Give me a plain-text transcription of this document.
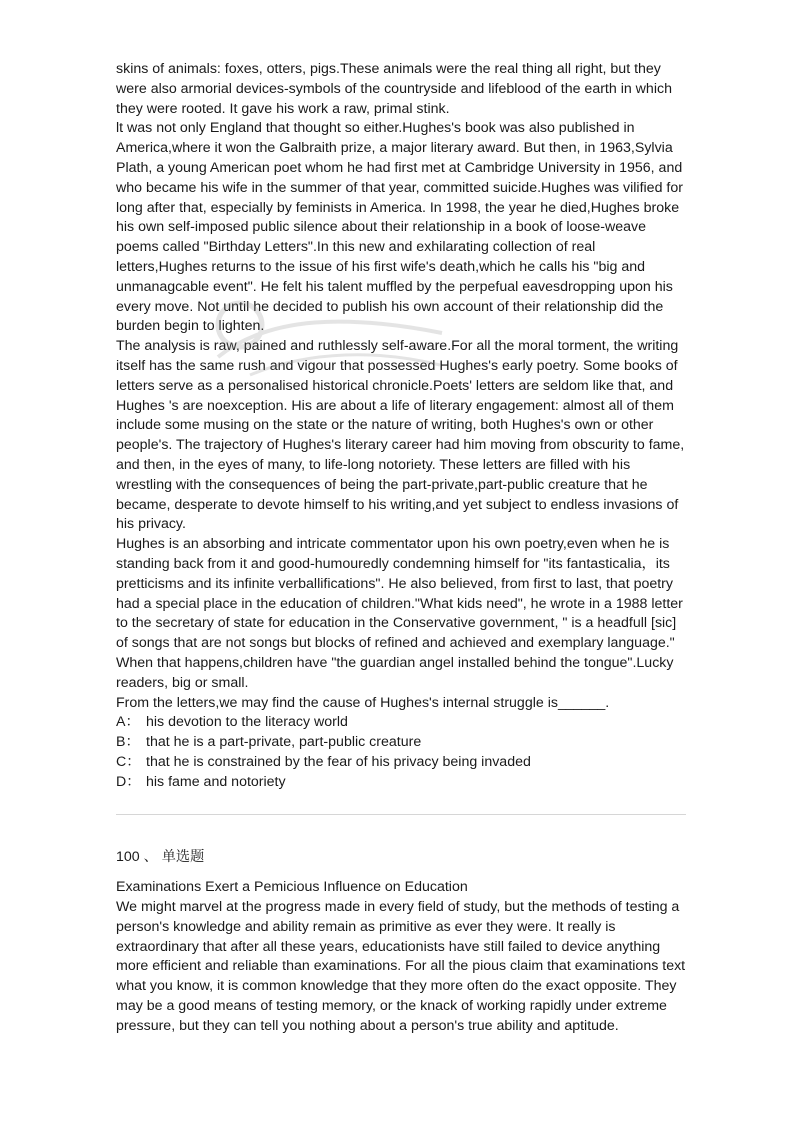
skins of animals: foxes, otters, pigs.These animals were the real thing all right, but they were also armorial devices-symbols of the countryside and lifeblood of the earth in which they were rooted. It gave his work a raw, primal stink.

lt was not only England that thought so either.Hughes's book was also published in America,where it won the Galbraith prize, a major literary award. But then, in 1963,Sylvia Plath, a young American poet whom he had first met at Cambridge University in 1956, and who became his wife in the summer of that year, committed suicide.Hughes was vilified for long after that, especially by feminists in America. In 1998, the year he died,Hughes broke his own self-imposed public silence about their relationship in a book of loose-weave poems called "Birthday Letters".In this new and exhilarating collection of real letters,Hughes returns to the issue of his first wife's death,which he calls his "big and unmanagcable event". He felt his talent muffled by the perpefual eavesdropping upon his every move. Not until he decided to publish his own account of their relationship did the burden begin to lighten.

The analysis is raw, pained and ruthlessly self-aware.For all the moral torment, the writing itself has the same rush and vigour that possessed Hughes's early poetry. Some books of letters serve as a personalised historical chronicle.Poets' letters are seldom like that, and Hughes 's are noexception. His are about a life of literary engagement: almost all of them include some musing on the state or the nature of writing, both Hughes's own or other people's. The trajectory of Hughes's literary career had him moving from obscurity to fame, and then, in the eyes of many, to life-long notoriety. These letters are filled with his wrestling with the consequences of being the part-private,part-public creature that he became, desperate to devote himself to his writing,and yet subject to endless invasions of his privacy.

Hughes is an absorbing and intricate commentator upon his own poetry,even when he is standing back from it and good-humouredly condemning himself for "its fantasticalia，its pretticisms and its infinite verballifications". He also believed, from first to last, that poetry had a special place in the education of children."What kids need", he wrote in a 1988 letter to the secretary of state for education in the Conservative government, " is a headfull [sic] of songs that are not songs but blocks of refined and achieved and exemplary language." When that happens,children have "the guardian angel installed behind the tongue".Lucky readers, big or small.

From the letters,we may find the cause of Hughes's internal struggle is______.

A： his devotion to the literacy world
B： that he is a part-private, part-public creature
C： that he is constrained by the fear of his privacy being invaded
D： his fame and notoriety

100 、 单选题

Examinations Exert a Pemicious Influence on Education

We might marvel at the progress made in every field of study, but the methods of testing a person's knowledge and ability remain as primitive as ever they were. It really is extraordinary that after all these years, educationists have still failed to device anything more efficient and reliable than examinations. For all the pious claim that examinations text what you know, it is common knowledge that they more often do the exact opposite. They may be a good means of testing memory, or the knack of working rapidly under extreme pressure, but they can tell you nothing about a person's true ability and aptitude.
